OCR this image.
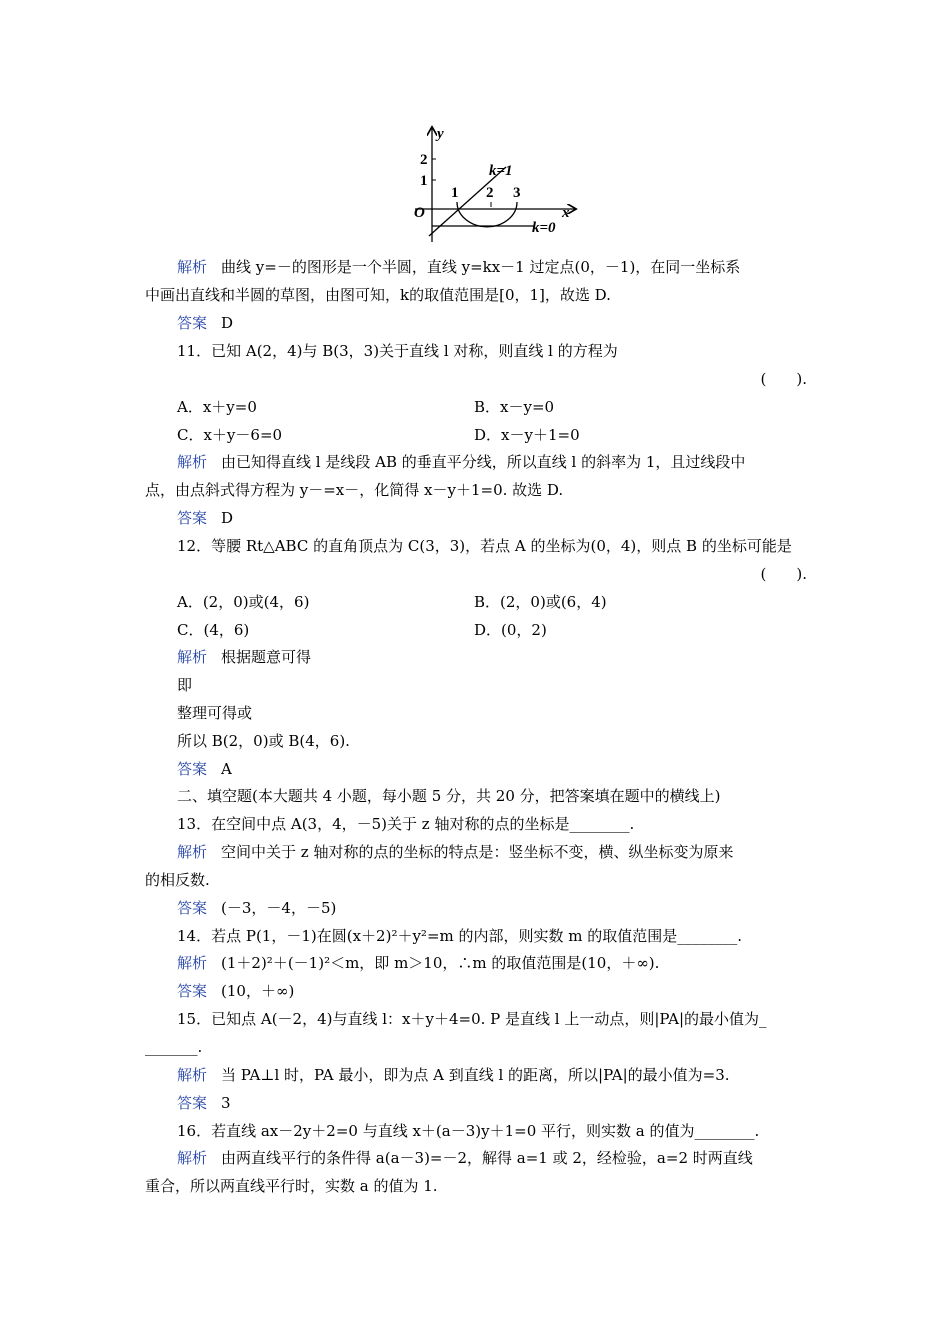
y
x
O
2
1
1 2 3
k=1
k=0
解析 曲线 y=－的图形是一个半圆，直线 y=kx－1 过定点(0，－1)，在同一坐标系
中画出直线和半圆的草图，由图可知，k的取值范围是[0，1]，故选 D.
答案 D
11．已知 A(2，4)与 B(3，3)关于直线 l 对称，则直线 l 的方程为
(　　).
A．x＋y=0	B．x－y=0
C．x＋y－6=0	D．x－y＋1=0
解析 由已知得直线 l 是线段 AB 的垂直平分线，所以直线 l 的斜率为 1，且过线段中
点，由点斜式得方程为 y－=x－，化简得 x－y＋1=0. 故选 D.
答案 D
12．等腰 Rt△ABC 的直角顶点为 C(3，3)，若点 A 的坐标为(0，4)，则点 B 的坐标可能是
(　　).
A．(2，0)或(4，6)	B．(2，0)或(6，4)
C．(4，6)	D．(0，2)
解析 根据题意可得
即
整理可得或
所以 B(2，0)或 B(4，6).
答案 A
二、填空题(本大题共 4 小题，每小题 5 分，共 20 分，把答案填在题中的横线上)
13．在空间中点 A(3，4，－5)关于 z 轴对称的点的坐标是________.
解析 空间中关于 z 轴对称的点的坐标的特点是：竖坐标不变，横、纵坐标变为原来
的相反数.
答案 (－3，－4，－5)
14．若点 P(1，－1)在圆(x＋2)²＋y²=m 的内部，则实数 m 的取值范围是________.
解析 (1＋2)²＋(－1)²＜m，即 m＞10，∴m 的取值范围是(10，＋∞).
答案 (10，＋∞)
15．已知点 A(－2，4)与直线 l：x＋y＋4=0. P 是直线 l 上一动点，则|PA|的最小值为_
_______.
解析 当 PA⊥l 时，PA 最小，即为点 A 到直线 l 的距离，所以|PA|的最小值为=3.
答案 3
16．若直线 ax－2y＋2=0 与直线 x＋(a－3)y＋1=0 平行，则实数 a 的值为________.
解析 由两直线平行的条件得 a(a－3)=－2，解得 a=1 或 2，经检验，a=2 时两直线
重合，所以两直线平行时，实数 a 的值为 1.
